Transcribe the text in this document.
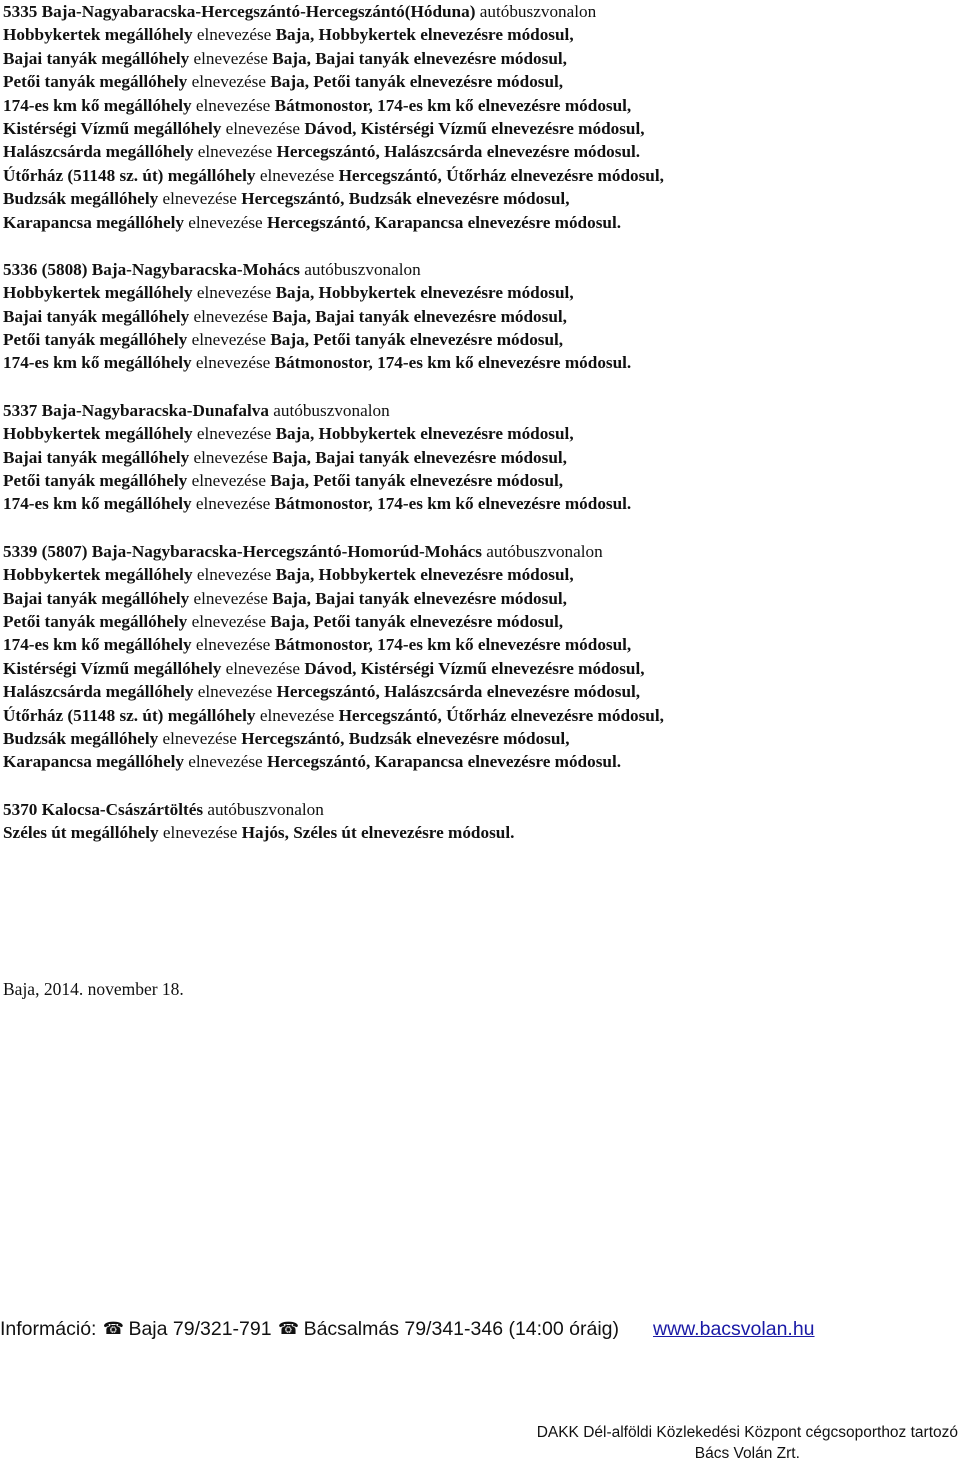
5335 Baja-Nagyabaracska-Hercegszántó-Hercegszántó(Hóduna) autóbuszvonalon
Hobbykertek megállóhely elnevezése Baja, Hobbykertek elnevezésre módosul,
Bajai tanyák megállóhely elnevezése Baja, Bajai tanyák elnevezésre módosul,
Petői tanyák megállóhely elnevezése Baja, Petői tanyák elnevezésre módosul,
174-es km kő megállóhely elnevezése Bátmonostor, 174-es km kő elnevezésre módosul,
Kistérségi Vízmű megállóhely elnevezése Dávod, Kistérségi Vízmű elnevezésre módosul,
Halászcsárda megállóhely elnevezése Hercegszántó, Halászcsárda elnevezésre módosul.
Útőrház (51148 sz. út) megállóhely elnevezése Hercegszántó, Útőrház elnevezésre módosul,
Budzsák megállóhely elnevezése Hercegszántó, Budzsák elnevezésre módosul,
Karapancsa megállóhely elnevezése Hercegszántó, Karapancsa elnevezésre módosul.
5336 (5808) Baja-Nagybaracska-Mohács autóbuszvonalon
Hobbykertek megállóhely elnevezése Baja, Hobbykertek elnevezésre módosul,
Bajai tanyák megállóhely elnevezése Baja, Bajai tanyák elnevezésre módosul,
Petői tanyák megállóhely elnevezése Baja, Petői tanyák elnevezésre módosul,
174-es km kő megállóhely elnevezése Bátmonostor, 174-es km kő elnevezésre módosul.
5337 Baja-Nagybaracska-Dunafalva autóbuszvonalon
Hobbykertek megállóhely elnevezése Baja, Hobbykertek elnevezésre módosul,
Bajai tanyák megállóhely elnevezése Baja, Bajai tanyák elnevezésre módosul,
Petői tanyák megállóhely elnevezése Baja, Petői tanyák elnevezésre módosul,
174-es km kő megállóhely elnevezése Bátmonostor, 174-es km kő elnevezésre módosul.
5339 (5807) Baja-Nagybaracska-Hercegszántó-Homorúd-Mohács autóbuszvonalon
Hobbykertek megállóhely elnevezése Baja, Hobbykertek elnevezésre módosul,
Bajai tanyák megállóhely elnevezése Baja, Bajai tanyák elnevezésre módosul,
Petői tanyák megállóhely elnevezése Baja, Petői tanyák elnevezésre módosul,
174-es km kő megállóhely elnevezése Bátmonostor, 174-es km kő elnevezésre módosul,
Kistérségi Vízmű megállóhely elnevezése Dávod, Kistérségi Vízmű elnevezésre módosul,
Halászcsárda megállóhely elnevezése Hercegszántó, Halászcsárda elnevezésre módosul,
Útőrház (51148 sz. út) megállóhely elnevezése Hercegszántó, Útőrház elnevezésre módosul,
Budzsák megállóhely elnevezése Hercegszántó, Budzsák elnevezésre módosul,
Karapancsa megállóhely elnevezése Hercegszántó, Karapancsa elnevezésre módosul.
5370 Kalocsa-Császártöltés autóbuszvonalon
Széles út megállóhely elnevezése Hajós, Széles út elnevezésre módosul.
Baja, 2014. november 18.
Információ: ☎ Baja 79/321-791 ☎ Bácsalmás 79/341-346 (14:00 óráig) www.bacsvolan.hu
DAKK Dél-alföldi Közlekedési Központ cégcsoporthoz tartozó
Bács Volán Zrt.
